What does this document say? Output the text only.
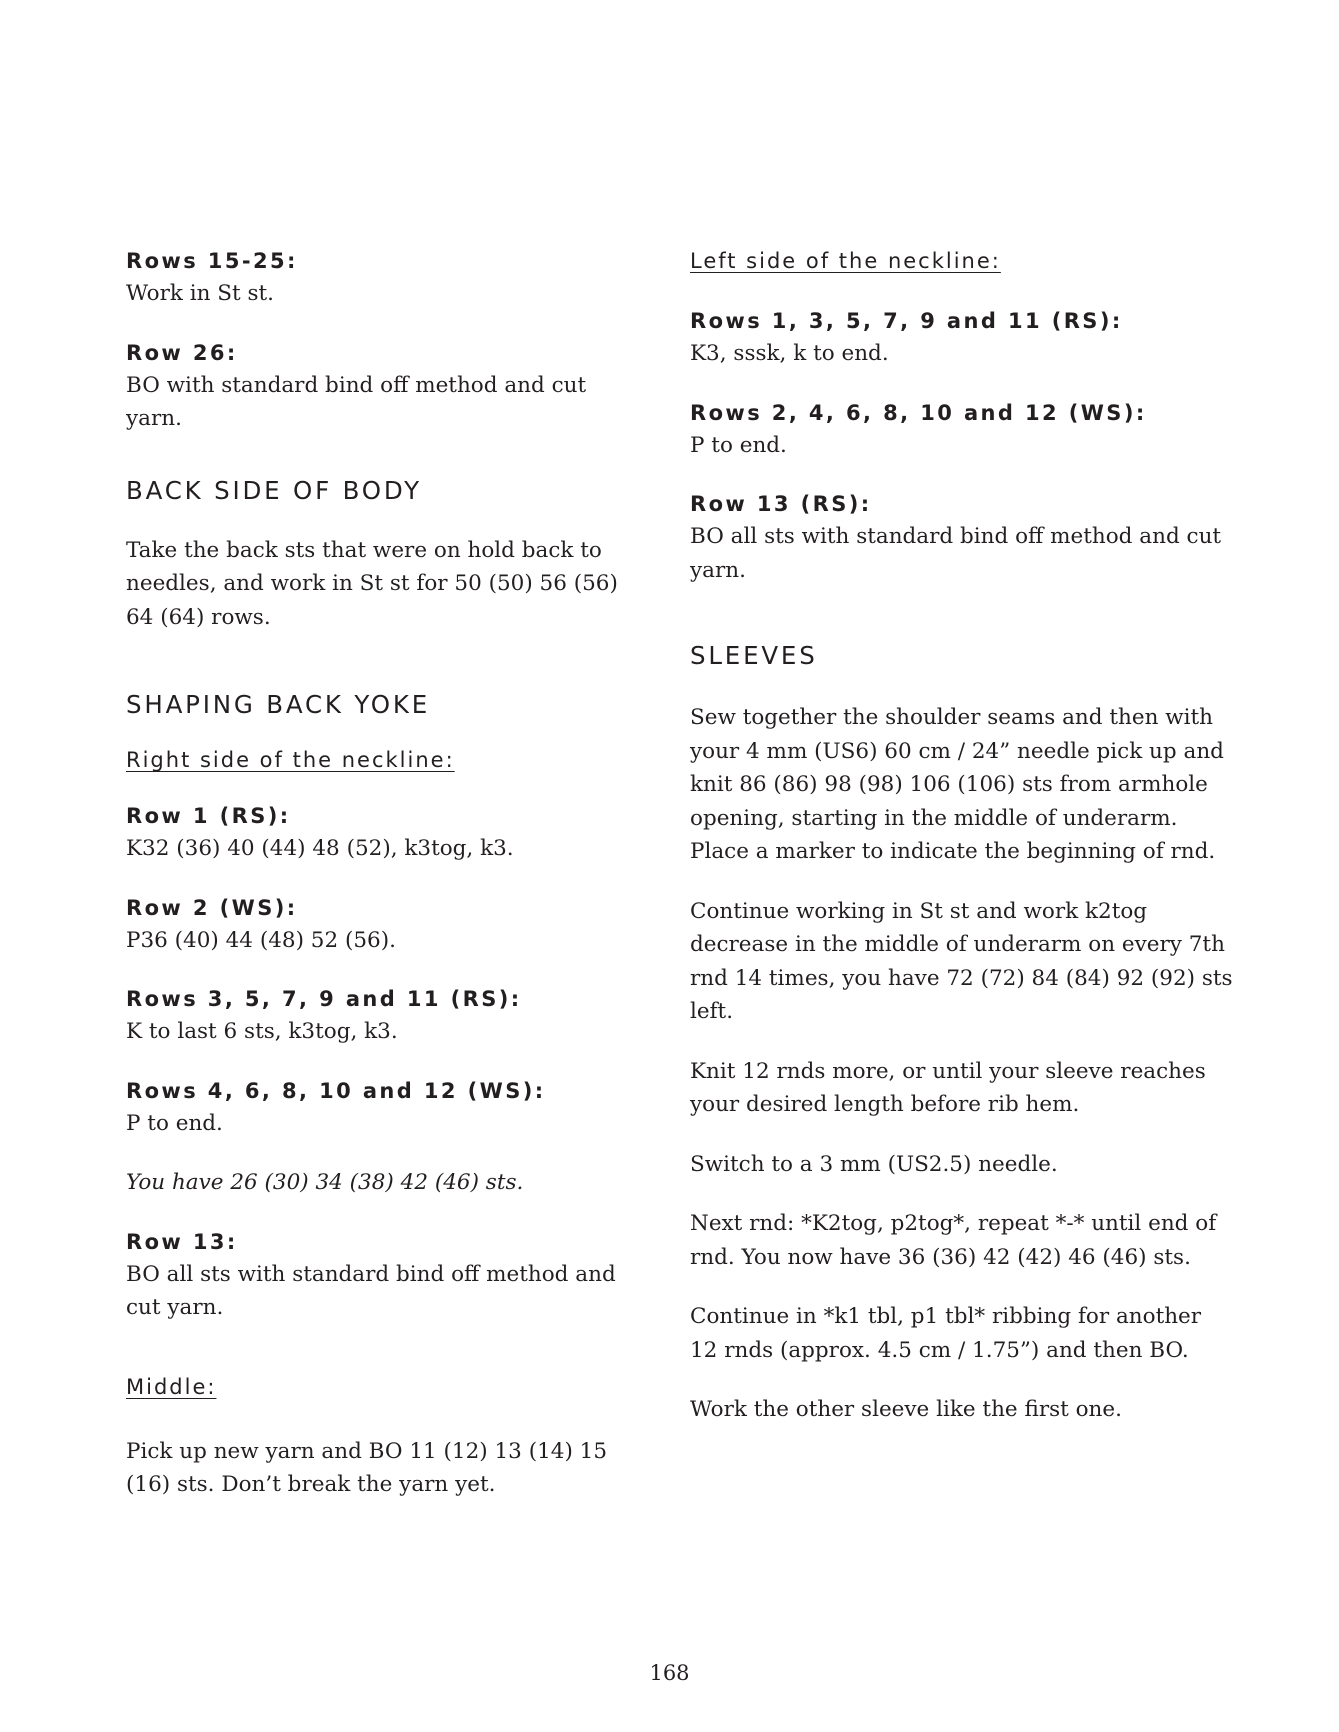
Rows 15-25:

Work in St st.

Row 26:

BO with standard bind off method and cut yarn.

BACK SIDE OF BODY

Take the back sts that were on hold back to needles, and work in St st for 50 (50) 56 (56) 64 (64) rows.

SHAPING BACK YOKE

Right side of the neckline:

Row 1 (RS):

K32 (36) 40 (44) 48 (52), k3tog, k3.

Row 2 (WS):

P36 (40) 44 (48) 52 (56).

Rows 3, 5, 7, 9 and 11 (RS):

K to last 6 sts, k3tog, k3.

Rows 4, 6, 8, 10 and 12 (WS):

P to end.

You have 26 (30) 34 (38) 42 (46) sts.

Row 13:

BO all sts with standard bind off method and cut yarn.

Middle:

Pick up new yarn and BO 11 (12) 13 (14) 15 (16) sts. Don’t break the yarn yet.

Left side of the neckline:

Rows 1, 3, 5, 7, 9 and 11 (RS):

K3, sssk, k to end.

Rows 2, 4, 6, 8, 10 and 12 (WS):

P to end.

Row 13 (RS):

BO all sts with standard bind off method and cut yarn.

SLEEVES

Sew together the shoulder seams and then with your 4 mm (US6) 60 cm / 24” needle pick up and knit 86 (86) 98 (98) 106 (106) sts from armhole opening, starting in the middle of underarm. Place a marker to indicate the beginning of rnd.

Continue working in St st and work k2tog decrease in the middle of underarm on every 7th rnd 14 times, you have 72 (72) 84 (84) 92 (92) sts left.

Knit 12 rnds more, or until your sleeve reaches your desired length before rib hem.

Switch to a 3 mm (US2.5) needle.

Next rnd: *K2tog, p2tog*, repeat *-* until end of rnd. You now have 36 (36) 42 (42) 46 (46) sts.

Continue in *k1 tbl, p1 tbl* ribbing for another 12 rnds (approx. 4.5 cm / 1.75”) and then BO.

Work the other sleeve like the first one.

168
